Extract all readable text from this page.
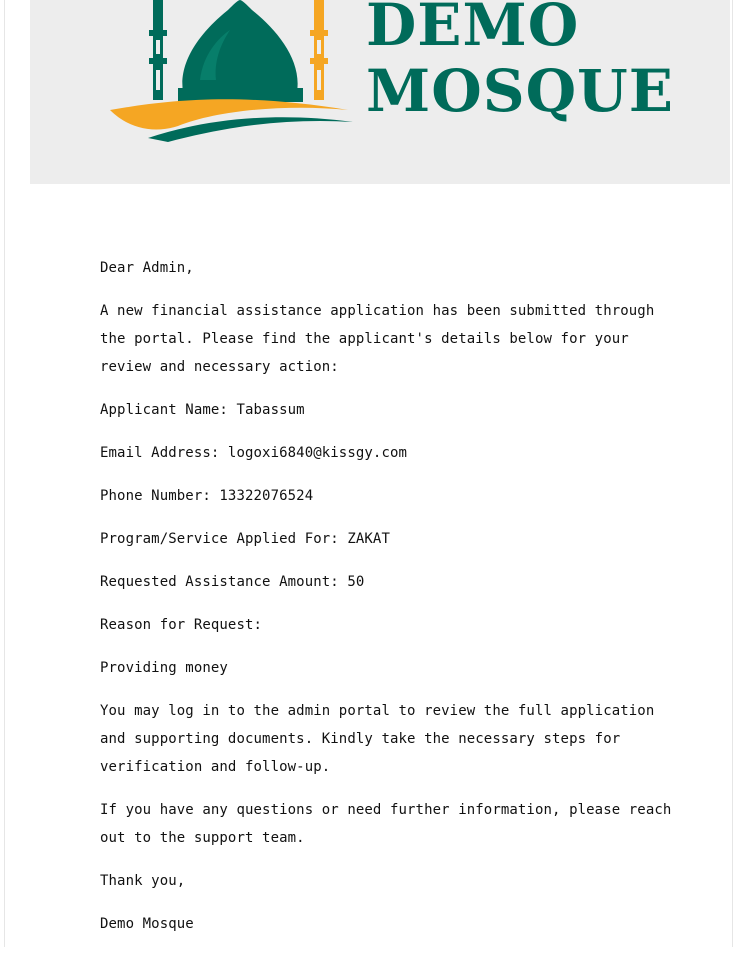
DEMO
MOSQUE

Dear Admin,

A new financial assistance application has been submitted through the portal. Please find the applicant's details below for your review and necessary action:

Applicant Name: Tabassum

Email Address: logoxi6840@kissgy.com

Phone Number: 13322076524

Program/Service Applied For: ZAKAT

Requested Assistance Amount: 50

Reason for Request:

Providing money

You may log in to the admin portal to review the full application and supporting documents. Kindly take the necessary steps for verification and follow-up.

If you have any questions or need further information, please reach out to the support team.

Thank you,

Demo Mosque
